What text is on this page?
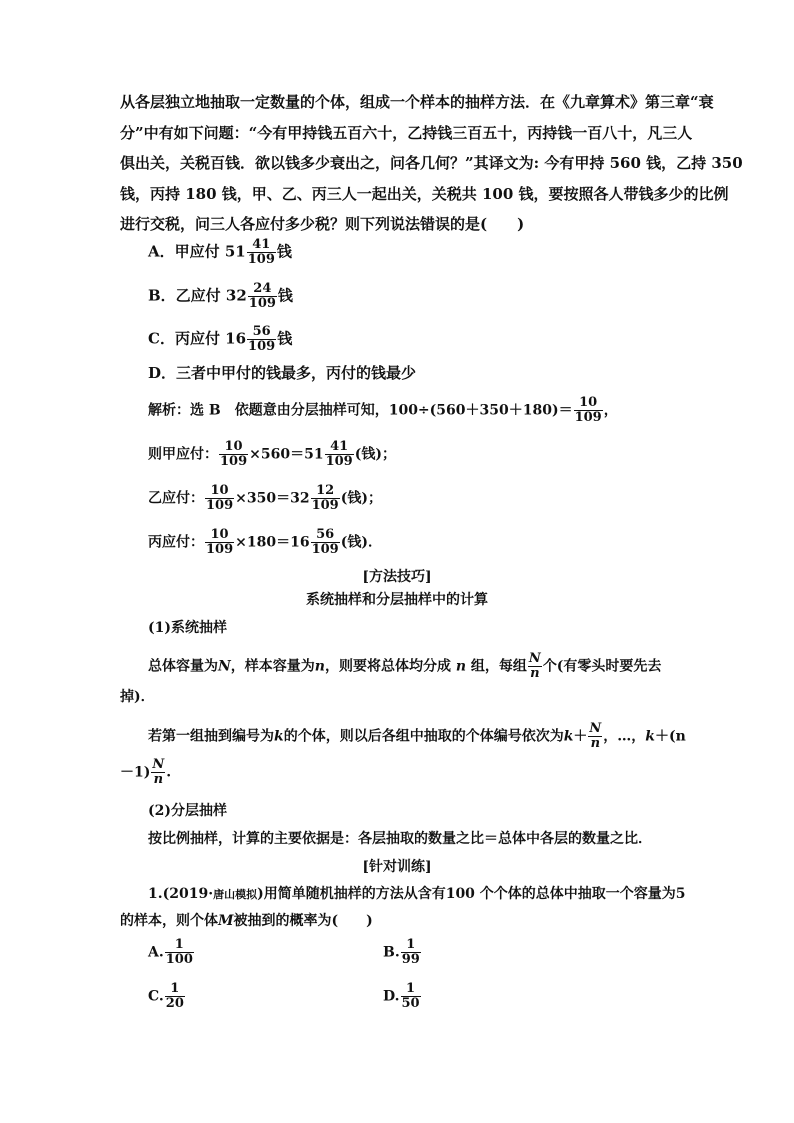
从各层独立地抽取一定数量的个体，组成一个样本的抽样方法．在《九章算术》第三章“衰
分”中有如下问题：“今有甲持钱五百六十，乙持钱三百五十，丙持钱一百八十，凡三人
俱出关，关税百钱．欲以钱多少衰出之，问各几何？”其译文为: 今有甲持 560 钱，乙持 350
钱，丙持 180 钱，甲、乙、丙三人一起出关，关税共 100 钱，要按照各人带钱多少的比例
进行交税，问三人各应付多少税？则下列说法错误的是(　　)
A．甲应付 $51 \frac{41}{109}$ 钱
B．乙应付 $32 \frac{24}{109}$ 钱
C．丙应付 $16 \frac{56}{109}$ 钱
D．三者中甲付的钱最多，丙付的钱最少
解析：选 B　依题意由分层抽样可知，$100\div(560+350+180)= \frac{10}{109}$ ，
则甲应付： $\frac{10}{109} \times 560=51 \frac{41}{109}$ (钱)；
乙应付： $\frac{10}{109} \times 350=32 \frac{12}{109}$ (钱)；
丙应付： $\frac{10}{109} \times 180=16 \frac{56}{109}$ (钱)．
[方法技巧]
系统抽样和分层抽样中的计算
(1)系统抽样
总体容量为N，样本容量为n，则要将总体均分成 n 组，每组 $\frac{N}{n}$ 个(有零头时要先去
掉)．
若第一组抽到编号为k的个体，则以后各组中抽取的个体编号依次为$k+ \frac{N}{n}$ ，…，k＋(n
$-1) \frac{N}{n}$ .
(2)分层抽样
按比例抽样，计算的主要依据是：各层抽取的数量之比＝总体中各层的数量之比．
[针对训练]
1.(2019·唐山模拟)用简单随机抽样的方法从含有100 个个体的总体中抽取一个容量为5
的样本，则个体M被抽到的概率为(　　)
A. $\frac{1}{100}$	B. $\frac{1}{99}$
C. $\frac{1}{20}$	D. $\frac{1}{50}$
